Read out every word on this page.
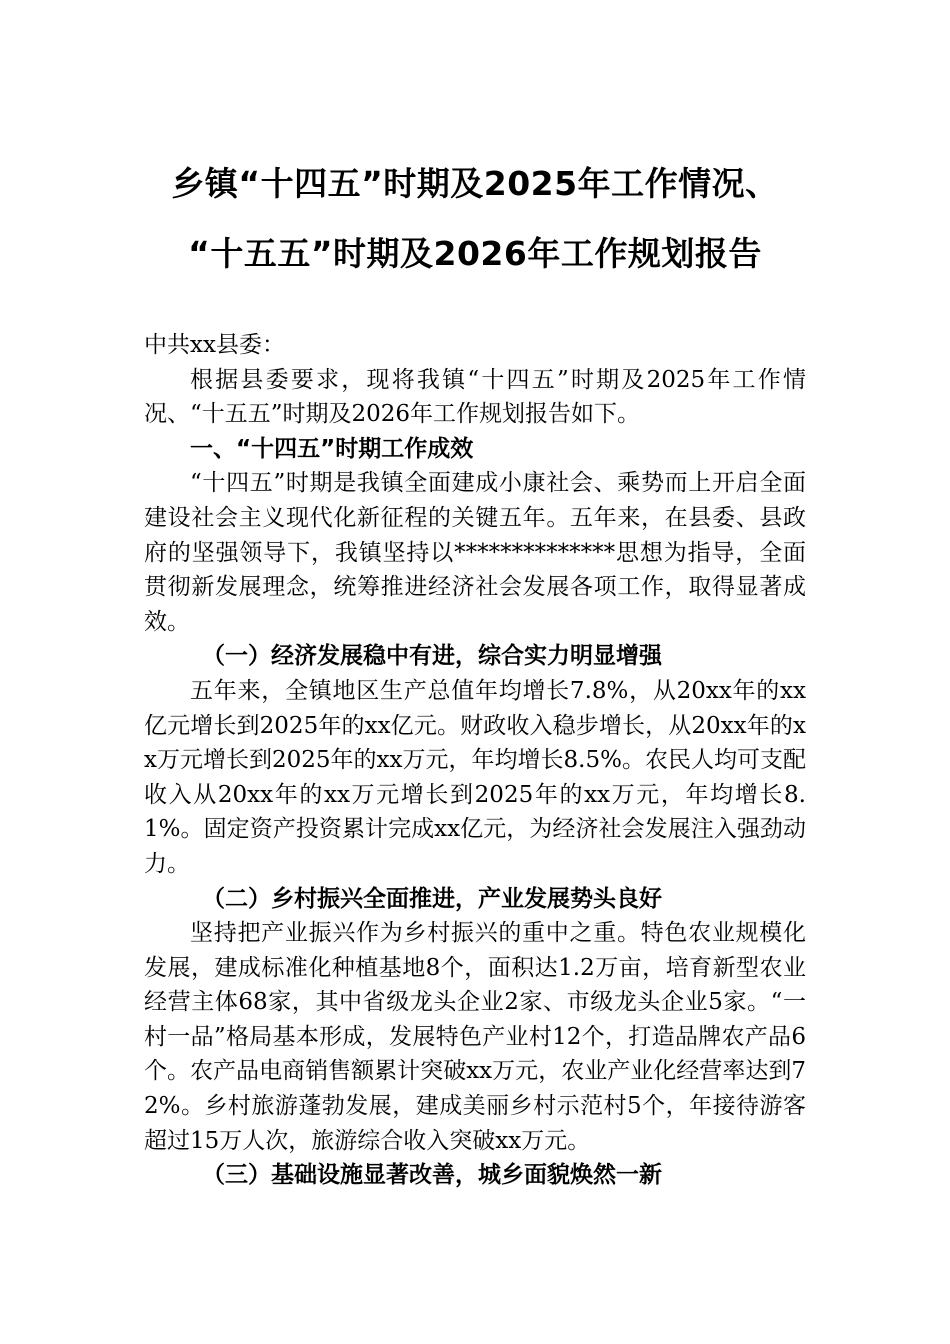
乡镇“十四五”时期及2025年工作情况、
“十五五”时期及2026年工作规划报告

中共xx县委：

根据县委要求，现将我镇“十四五”时期及2025年工作情况、“十五五”时期及2026年工作规划报告如下。

一、“十四五”时期工作成效

“十四五”时期是我镇全面建成小康社会、乘势而上开启全面建设社会主义现代化新征程的关键五年。五年来，在县委、县政府的坚强领导下，我镇坚持以**************思想为指导，全面贯彻新发展理念，统筹推进经济社会发展各项工作，取得显著成效。

（一）经济发展稳中有进，综合实力明显增强

五年来，全镇地区生产总值年均增长7.8%，从20xx年的xx亿元增长到2025年的xx亿元。财政收入稳步增长，从20xx年的xx万元增长到2025年的xx万元，年均增长8.5%。农民人均可支配收入从20xx年的xx万元增长到2025年的xx万元，年均增长8.1%。固定资产投资累计完成xx亿元，为经济社会发展注入强劲动力。

（二）乡村振兴全面推进，产业发展势头良好

坚持把产业振兴作为乡村振兴的重中之重。特色农业规模化发展，建成标准化种植基地8个，面积达1.2万亩，培育新型农业经营主体68家，其中省级龙头企业2家、市级龙头企业5家。“一村一品”格局基本形成，发展特色产业村12个，打造品牌农产品6个。农产品电商销售额累计突破xx万元，农业产业化经营率达到72%。乡村旅游蓬勃发展，建成美丽乡村示范村5个，年接待游客超过15万人次，旅游综合收入突破xx万元。

（三）基础设施显著改善，城乡面貌焕然一新
